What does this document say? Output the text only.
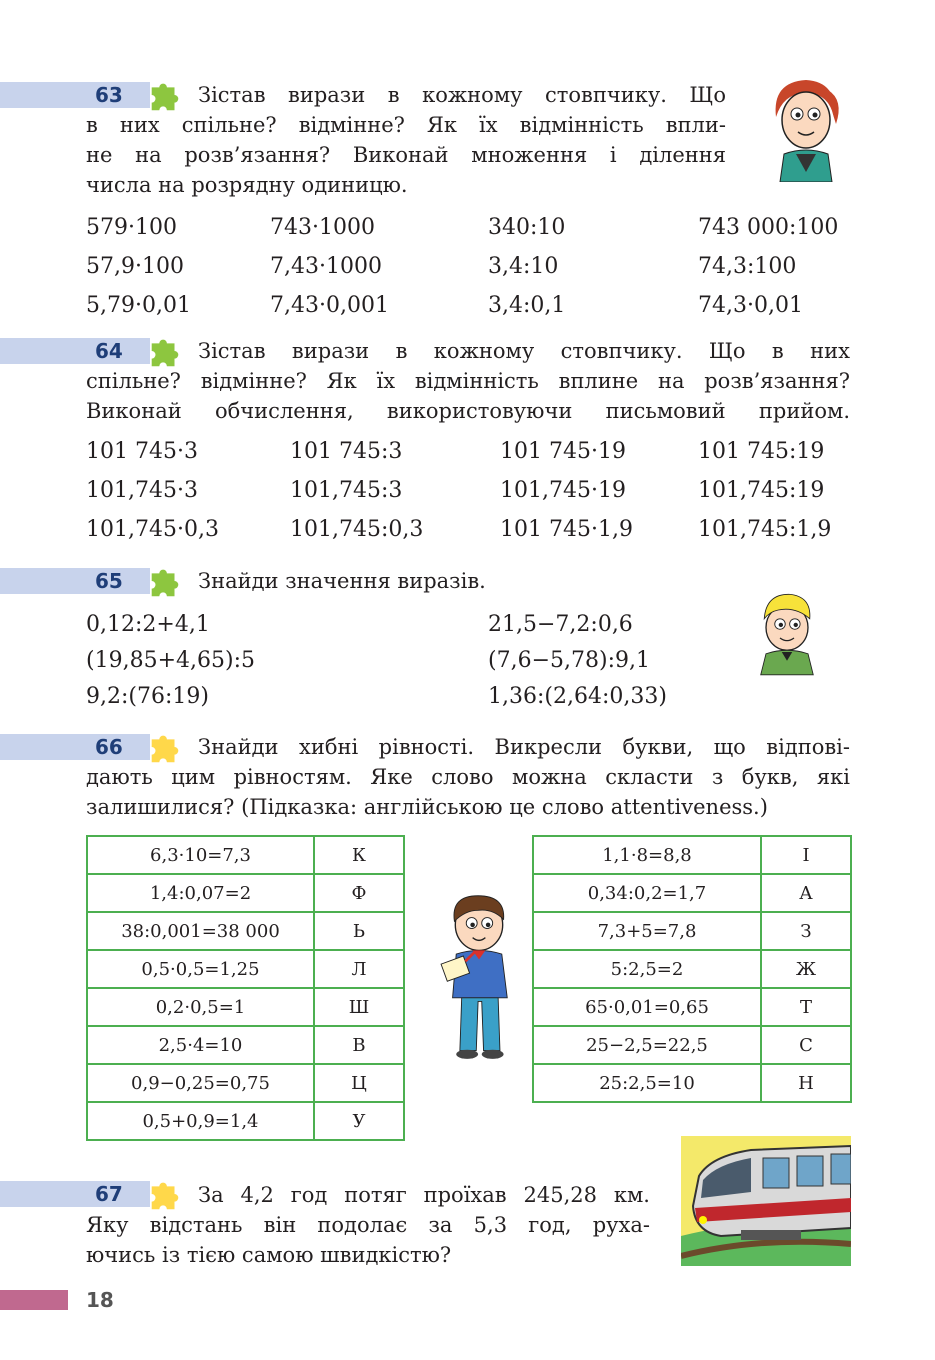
63	Зістав вирази в кожному стовпчику. Що

в них спільне? відмінне? Як їх відмінність впли-

не на розв’язання? Виконай множення і ділення

числа на розрядну одиницю.

579·100	743·1000	340:10	743 000:100
57,9·100	7,43·1000	3,4:10	74,3:100
5,79·0,01	7,43·0,001	3,4:0,1	74,3·0,01
64	Зістав вирази в кожному стовпчику. Що в них

спільне? відмінне? Як їх відмінність вплине на розв’язання?

Виконай обчислення, використовуючи письмовий прийом.

101 745·3	101 745:3	101 745·19	101 745:19
101,745·3	101,745:3	101,745·19	101,745:19
101,745·0,3	101,745:0,3	101 745·1,9	101,745:1,9
65	Знайди значення виразів.

0,12:2+4,1	21,5−7,2:0,6
(19,85+4,65):5	(7,6−5,78):9,1
9,2:(76:19)	1,36:(2,64:0,33)
66	Знайди хибні рівності. Викресли букви, що відпові-

дають цим рівностям. Яке слово можна скласти з букв, які

залишилися? (Підказка: англійською це слово attentiveness.)

6,3·10=7,3	К
1,4:0,07=2	Ф
38:0,001=38 000	Ь
0,5·0,5=1,25	Л
0,2·0,5=1	Ш
2,5·4=10	В
0,9−0,25=0,75	Ц
0,5+0,9=1,4	У
1,1·8=8,8	І
0,34:0,2=1,7	А
7,3+5=7,8	З
5:2,5=2	Ж
65·0,01=0,65	Т
25−2,5=22,5	С
25:2,5=10	Н
67	За 4,2 год потяг проїхав 245,28 км.

Яку відстань він подолає за 5,3 год, руха-

ючись із тією самою швидкістю?

18
